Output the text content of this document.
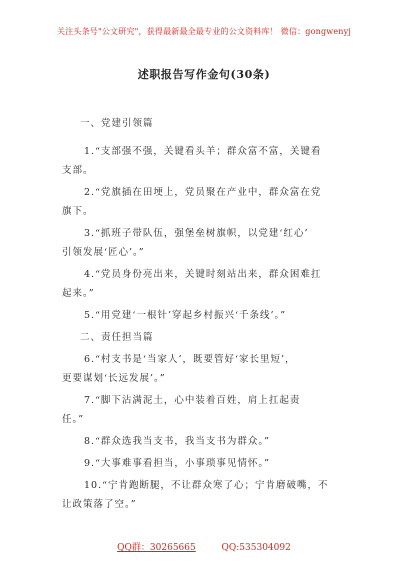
关注头条号"公文研究"，获得最新最全最专业的公文资料库！ 微信：gongwenyj
述职报告写作金句(30条)
一、党建引领篇
1.“支部强不强，关键看头羊；群众富不富，关键看
支部。
2.“党旗插在田埂上，党员聚在产业中，群众富在党
旗下。
3.“抓班子带队伍，强堡垒树旗帜，以党建‘红心’
引领发展‘匠心’。”
4.“党员身份亮出来，关键时刻站出来，群众困难扛
起来。”
5.“用党建‘一根针’穿起乡村振兴‘千条线’。”
二、责任担当篇
6.“村支书是‘当家人’，既要管好‘家长里短’，
更要谋划‘长远发展’。”
7.“脚下沾满泥土，心中装着百姓，肩上扛起责
任。”
8.“群众选我当支书，我当支书为群众。”
9.“大事难事看担当，小事琐事见情怀。”
10.“宁肯跑断腿，不让群众寒了心；宁肯磨破嘴，不
让政策落了空。”
QQ群：30265665	QQ:535304092
